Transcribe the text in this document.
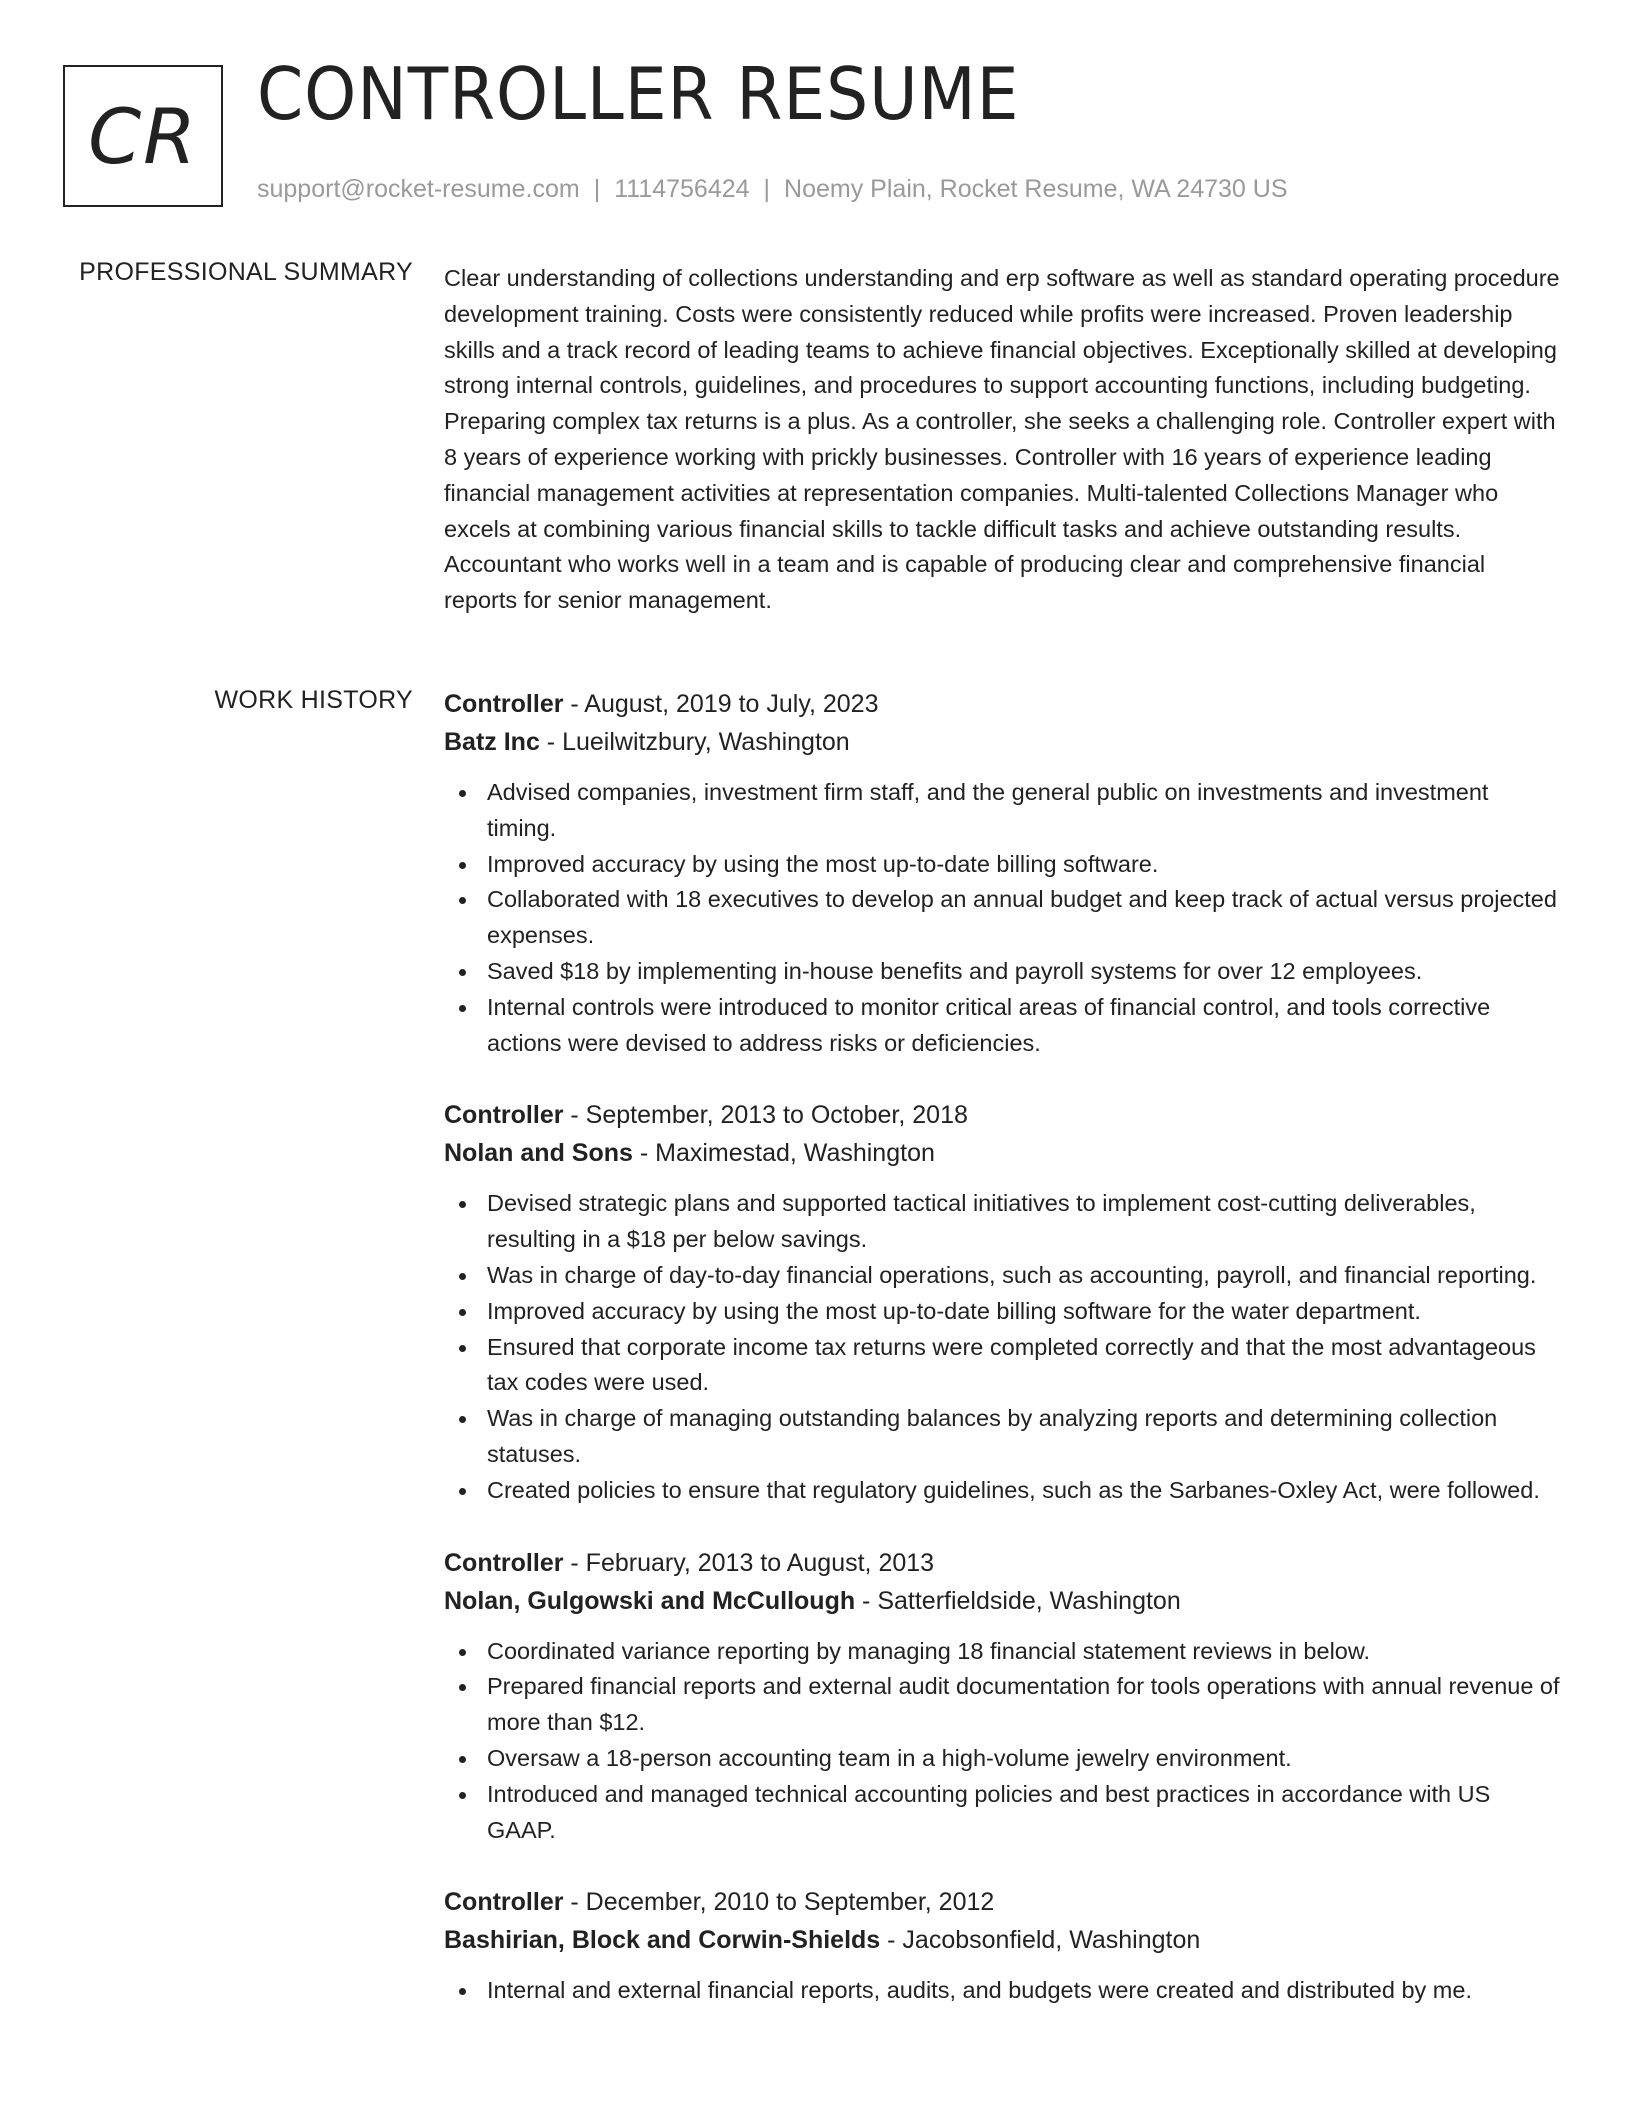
CR CONTROLLER RESUME
support@rocket-resume.com | 1114756424 | Noemy Plain, Rocket Resume, WA 24730 US
PROFESSIONAL SUMMARY Clear understanding of collections understanding and erp software as well as standard operating procedure development training. Costs were consistently reduced while profits were increased. Proven leadership skills and a track record of leading teams to achieve financial objectives. Exceptionally skilled at developing strong internal controls, guidelines, and procedures to support accounting functions, including budgeting. Preparing complex tax returns is a plus. As a controller, she seeks a challenging role. Controller expert with 8 years of experience working with prickly businesses. Controller with 16 years of experience leading financial management activities at representation companies. Multi-talented Collections Manager who excels at combining various financial skills to tackle difficult tasks and achieve outstanding results. Accountant who works well in a team and is capable of producing clear and comprehensive financial reports for senior management.

WORK HISTORY Controller - August, 2019 to July, 2023
Batz Inc - Lueilwitzbury, Washington
Advised companies, investment firm staff, and the general public on investments and investment timing.
Improved accuracy by using the most up-to-date billing software.
Collaborated with 18 executives to develop an annual budget and keep track of actual versus projected expenses.
Saved $18 by implementing in-house benefits and payroll systems for over 12 employees.
Internal controls were introduced to monitor critical areas of financial control, and tools corrective actions were devised to address risks or deficiencies.
Controller - September, 2013 to October, 2018
Nolan and Sons - Maximestad, Washington
Devised strategic plans and supported tactical initiatives to implement cost-cutting deliverables, resulting in a $18 per below savings.
Was in charge of day-to-day financial operations, such as accounting, payroll, and financial reporting.
Improved accuracy by using the most up-to-date billing software for the water department.
Ensured that corporate income tax returns were completed correctly and that the most advantageous tax codes were used.
Was in charge of managing outstanding balances by analyzing reports and determining collection statuses.
Created policies to ensure that regulatory guidelines, such as the Sarbanes-Oxley Act, were followed.
Controller - February, 2013 to August, 2013
Nolan, Gulgowski and McCullough - Satterfieldside, Washington
Coordinated variance reporting by managing 18 financial statement reviews in below.
Prepared financial reports and external audit documentation for tools operations with annual revenue of more than $12.
Oversaw a 18-person accounting team in a high-volume jewelry environment.
Introduced and managed technical accounting policies and best practices in accordance with US GAAP.
Controller - December, 2010 to September, 2012
Bashirian, Block and Corwin-Shields - Jacobsonfield, Washington
Internal and external financial reports, audits, and budgets were created and distributed by me.
